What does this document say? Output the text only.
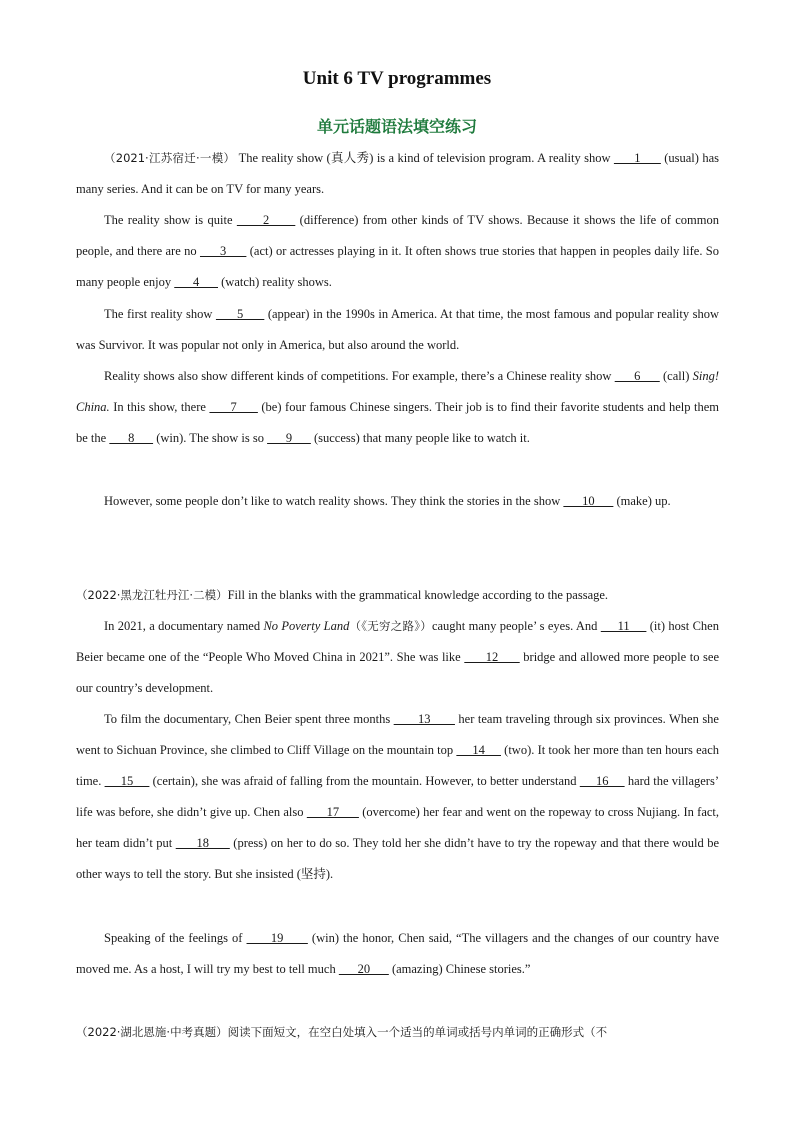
Unit 6 TV programmes
单元话题语法填空练习

（2021·江苏宿迁·一模） The reality show (真人秀) is a kind of television program. A reality show       1       (usual) has many series. And it can be on TV for many years.

The reality show is quite       2       (difference) from other kinds of TV shows. Because it shows the life of common people, and there are no       3       (act) or actresses playing in it. It often shows true stories that happen in peoples daily life. So many people enjoy       4       (watch) reality shows.

The first reality show       5       (appear) in the 1990s in America. At that time, the most famous and popular reality show was Survivor. It was popular not only in America, but also around the world.

Reality shows also show different kinds of competitions. For example, there’s a Chinese reality show       6       (call) Sing! China. In this show, there       7       (be) four famous Chinese singers. Their job is to find their favorite students and help them be the       8       (win). The show is so       9       (success) that many people like to watch it.

However, some people don’t like to watch reality shows. They think the stories in the show       10       (make) up.

（2022·黑龙江牡丹江·二模）Fill in the blanks with the grammatical knowledge according to the passage.

In 2021, a documentary named No Poverty Land（《无穷之路》）caught many people’ s eyes. And      11      (it) host Chen Beier became one of the “People Who Moved China in 2021”. She was like       12       bridge and allowed more people to see our country’s development.

To film the documentary, Chen Beier spent three months        13        her team traveling through six provinces. When she went to Sichuan Province, she climbed to Cliff Village on the mountain top      14      (two). It took her more than ten hours each time.      15      (certain), she was afraid of falling from the mountain. However, to better understand      16      hard the villagers’ life was before, she didn’t give up. Chen also       17       (overcome) her fear and went on the ropeway to cross Nujiang. In fact, her team didn’t put       18       (press) on her to do so. They told her she didn’t have to try the ropeway and that there would be other ways to tell the story. But she insisted (坚持).

Speaking of the feelings of       19       (win) the honor, Chen said, “The villagers and the changes of our country have moved me. As a host, I will try my best to tell much       20       (amazing) Chinese stories.”

（2022·湖北恩施·中考真题）阅读下面短文，在空白处填入一个适当的单词或括号内单词的正确形式（不
